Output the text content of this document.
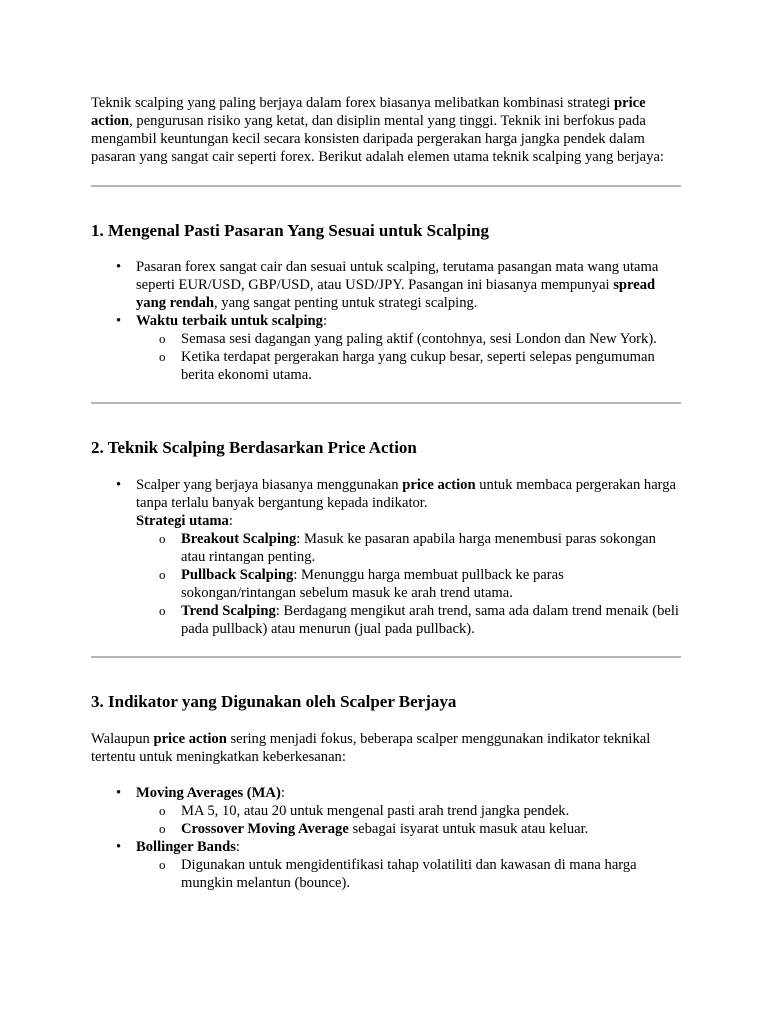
Teknik scalping yang paling berjaya dalam forex biasanya melibatkan kombinasi strategi price action, pengurusan risiko yang ketat, dan disiplin mental yang tinggi. Teknik ini berfokus pada mengambil keuntungan kecil secara konsisten daripada pergerakan harga jangka pendek dalam pasaran yang sangat cair seperti forex. Berikut adalah elemen utama teknik scalping yang berjaya:

1. Mengenal Pasti Pasaran Yang Sesuai untuk Scalping
• Pasaran forex sangat cair dan sesuai untuk scalping, terutama pasangan mata wang utama seperti EUR/USD, GBP/USD, atau USD/JPY. Pasangan ini biasanya mempunyai spread yang rendah, yang sangat penting untuk strategi scalping.
• Waktu terbaik untuk scalping:
o Semasa sesi dagangan yang paling aktif (contohnya, sesi London dan New York).
o Ketika terdapat pergerakan harga yang cukup besar, seperti selepas pengumuman berita ekonomi utama.
2. Teknik Scalping Berdasarkan Price Action
• Scalper yang berjaya biasanya menggunakan price action untuk membaca pergerakan harga tanpa terlalu banyak bergantung kepada indikator.
Strategi utama:
o Breakout Scalping: Masuk ke pasaran apabila harga menembusi paras sokongan atau rintangan penting.
o Pullback Scalping: Menunggu harga membuat pullback ke paras sokongan/rintangan sebelum masuk ke arah trend utama.
o Trend Scalping: Berdagang mengikut arah trend, sama ada dalam trend menaik (beli pada pullback) atau menurun (jual pada pullback).
3. Indikator yang Digunakan oleh Scalper Berjaya

Walaupun price action sering menjadi fokus, beberapa scalper menggunakan indikator teknikal tertentu untuk meningkatkan keberkesanan:

• Moving Averages (MA):
o MA 5, 10, atau 20 untuk mengenal pasti arah trend jangka pendek.
o Crossover Moving Average sebagai isyarat untuk masuk atau keluar.
• Bollinger Bands:
o Digunakan untuk mengidentifikasi tahap volatiliti dan kawasan di mana harga mungkin melantun (bounce).
